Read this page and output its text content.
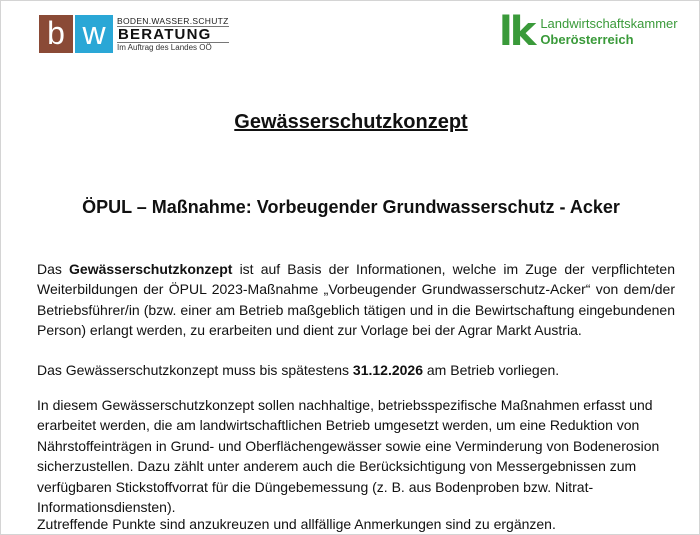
b w	BODEN.WASSER.SCHUTZ
BERATUNG
Im Auftrag des Landes OÖ	lk Landwirtschaftskammer
Oberösterreich
Gewässerschutzkonzept
ÖPUL – Maßnahme: Vorbeugender Grundwasserschutz - Acker

Das Gewässerschutzkonzept ist auf Basis der Informationen, welche im Zuge der verpflichteten Weiterbildungen der ÖPUL 2023-Maßnahme „Vorbeugender Grundwasserschutz-Acker“ von dem/der Betriebsführer/in (bzw. einer am Betrieb maßgeblich tätigen und in die Bewirtschaftung eingebundenen Person) erlangt werden, zu erarbeiten und dient zur Vorlage bei der Agrar Markt Austria.

Das Gewässerschutzkonzept muss bis spätestens 31.12.2026 am Betrieb vorliegen.

In diesem Gewässerschutzkonzept sollen nachhaltige, betriebsspezifische Maßnahmen erfasst und erarbeitet werden, die am landwirtschaftlichen Betrieb umgesetzt werden, um eine Reduktion von Nährstoffeinträgen in Grund- und Oberflächengewässer sowie eine Verminderung von Bodenerosion sicherzustellen. Dazu zählt unter anderem auch die Berücksichtigung von Messergebnissen zum verfügbaren Stickstoffvorrat für die Düngebemessung (z. B. aus Bodenproben bzw. Nitrat-Informationsdiensten).

Zutreffende Punkte sind anzukreuzen und allfällige Anmerkungen sind zu ergänzen.
